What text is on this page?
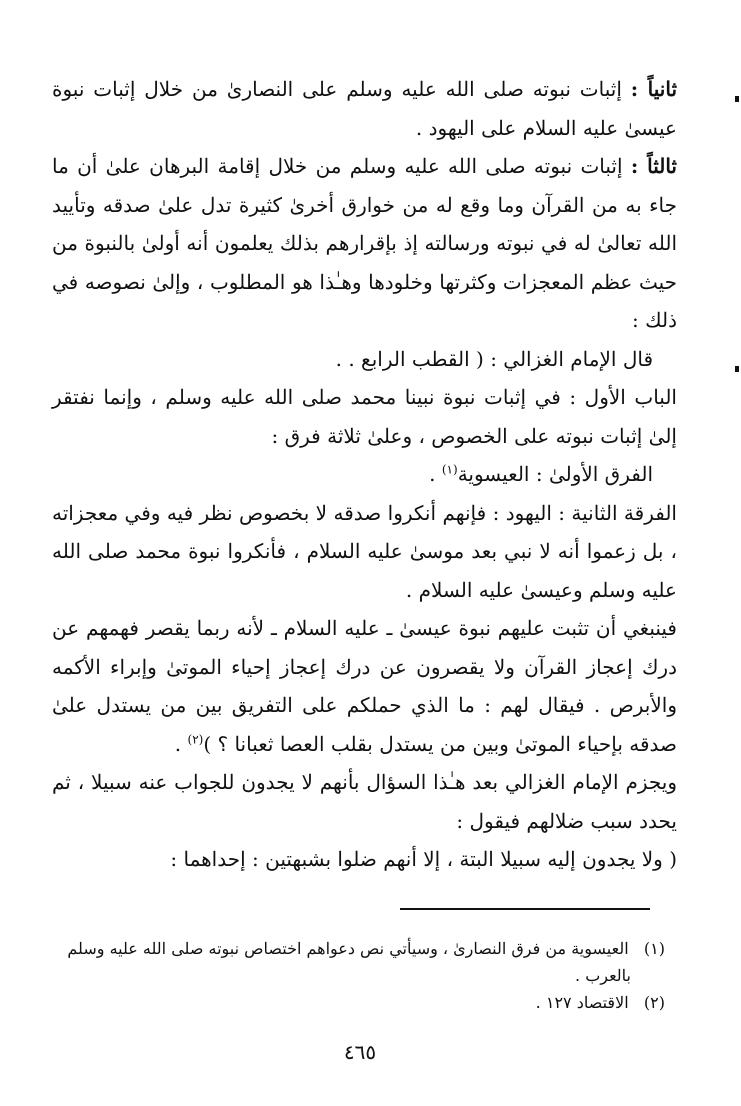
ثانياً : إثبات نبوته صلى الله عليه وسلم على النصارىٰ من خلال إثبات نبوة عيسىٰ عليه السلام على اليهود .

ثالثاً : إثبات نبوته صلى الله عليه وسلم من خلال إقامة البرهان علىٰ أن ما جاء به من القرآن وما وقع له من خوارق أخرىٰ كثيرة تدل علىٰ صدقه وتأييد الله تعالىٰ له في نبوته ورسالته إذ بإقرارهم بذلك يعلمون أنه أولىٰ بالنبوة من حيث عظم المعجزات وكثرتها وخلودها وهـٰذا هو المطلوب ، وإلىٰ نصوصه في ذلك :

قال الإمام الغزالي : ( القطب الرابع . .

الباب الأول : في إثبات نبوة نبينا محمد صلى الله عليه وسلم ، وإنما نفتقر إلىٰ إثبات نبوته على الخصوص ، وعلىٰ ثلاثة فرق :

الفرق الأولىٰ : العيسوية$^{(١)}$ .

الفرقة الثانية : اليهود : فإنهم أنكروا صدقه لا بخصوص نظر فيه وفي معجزاته ، بل زعموا أنه لا نبي بعد موسىٰ عليه السلام ، فأنكروا نبوة محمد صلى الله عليه وسلم وعيسىٰ عليه السلام .

فينبغي أن تثبت عليهم نبوة عيسىٰ ـ عليه السلام ـ لأنه ربما يقصر فهمهم عن درك إعجاز القرآن ولا يقصرون عن درك إعجاز إحياء الموتىٰ وإبراء الأكمه والأبرص . فيقال لهم : ما الذي حملكم على التفريق بين من يستدل علىٰ صدقه بإحياء الموتىٰ وبين من يستدل بقلب العصا ثعبانا ؟ )$^{(٢)}$ .

ويجزم الإمام الغزالي بعد هـٰذا السؤال بأنهم لا يجدون للجواب عنه سبيلا ، ثم يحدد سبب ضلالهم فيقول :

( ولا يجدون إليه سبيلا البتة ، إلا أنهم ضلوا بشبهتين : إحداهما :

(١)   العيسوية من فرق النصارىٰ ، وسيأتي نص دعواهم اختصاص نبوته صلى الله عليه وسلم

بالعرب .

(٢)   الاقتصاد ١٢٧ .

٤٦٥
